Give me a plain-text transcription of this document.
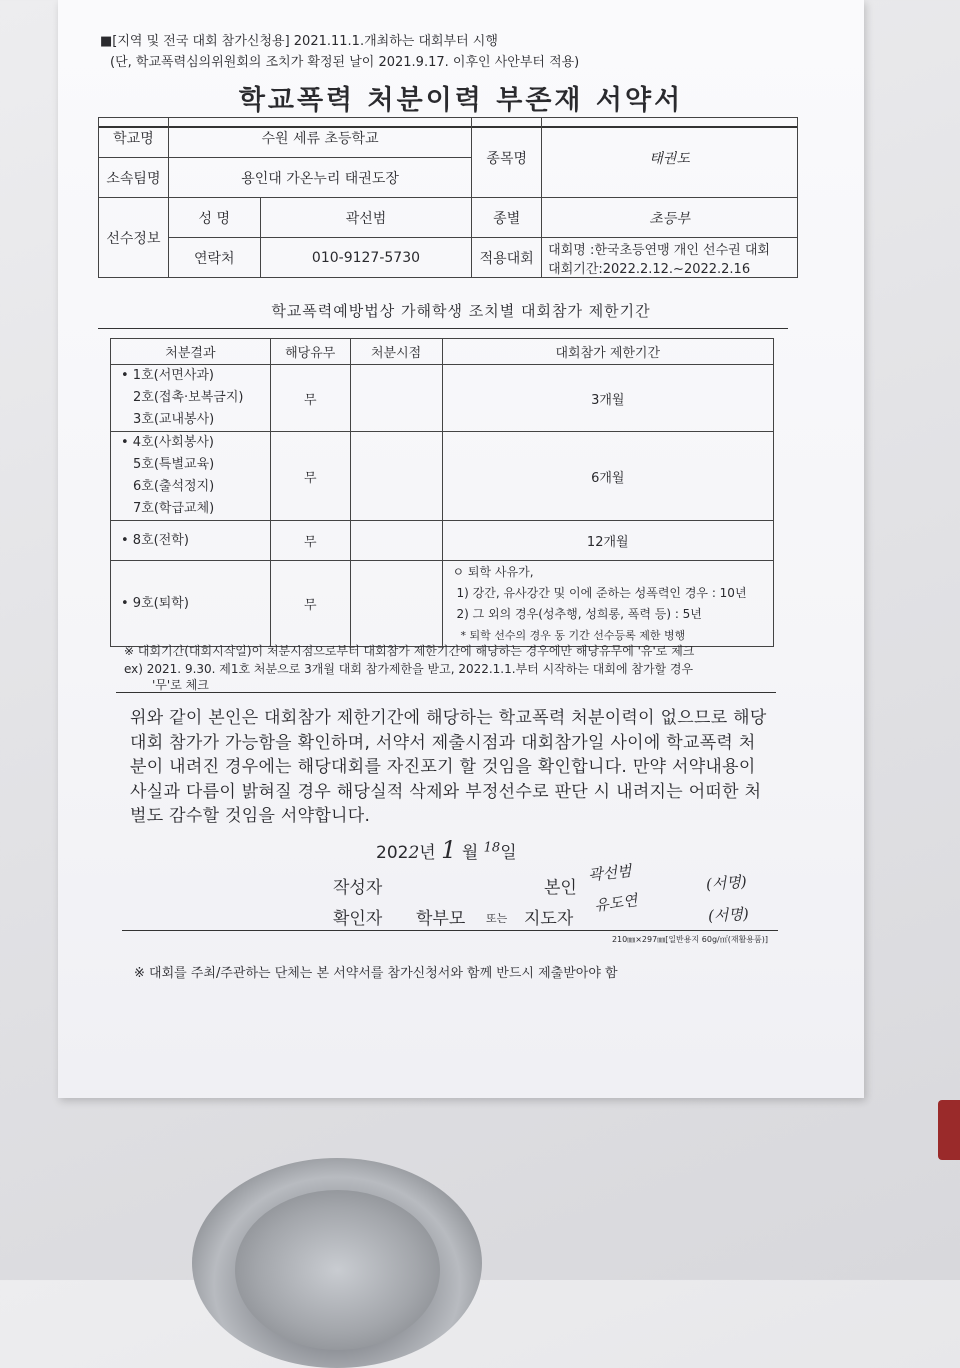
■[지역 및 전국 대회 참가신청용] 2021.11.1.개최하는 대회부터 시행
(단, 학교폭력심의위원회의 조치가 확정된 날이 2021.9.17. 이후인 사안부터 적용)
학교폭력 처분이력 부존재 서약서
학교명	수원 세류 초등학교		종목명	태권도
소속팀명	용인대 가온누리 태권도장			
선수정보	성 명	곽선범	종별	초등부
	연락처	010-9127-5730	적용대회	대회명 :한국초등연맹 개인 선수권 대회
대회기간:2022.2.12.~2022.2.16
학교폭력예방법상 가해학생 조치별 대회참가 제한기간
처분결과	해당유무	처분시점	대회참가 제한기간

• 1호(서면사과)
2호(접촉·보복금지)
3호(교내봉사)	무		3개월

• 4호(사회봉사)
5호(특별교육)
6호(출석정지)
7호(학급교체)	무		6개월
• 8호(전학)	무		12개월
• 9호(퇴학)	무		ㅇ 퇴학 사유가,
1) 강간, 유사강간 및 이에 준하는 성폭력인 경우 : 10년
2) 그 외의 경우(성추행, 성희롱, 폭력 등) : 5년
* 퇴학 선수의 경우 동 기간 선수등록 제한 병행
※ 대회기간(대회시작일)이 처분시점으로부터 대회참가 제한기간에 해당하는 경우에만 해당유무에 '유'로 체크
ex) 2021. 9.30. 제1호 처분으로 3개월 대회 참가제한을 받고, 2022.1.1.부터 시작하는 대회에 참가할 경우
'무'로 체크
위와 같이 본인은 대회참가 제한기간에 해당하는 학교폭력 처분이력이 없으므로 해당 대회 참가가 가능함을 확인하며, 서약서 제출시점과 대회참가일 사이에 학교폭력 처분이 내려진 경우에는 해당대회를 자진포기 할 것임을 확인합니다. 만약 서약내용이 사실과 다름이 밝혀질 경우 해당실적 삭제와 부정선수로 판단 시 내려지는 어떠한 처벌도 감수할 것임을 서약합니다.
2022년 1 월 $^{18}$일
작성자	본인
곽선범	(서명)
확인자 학부모 또는 지도자
유도연
(서명)
210㎜×297㎜[일반용지 60g/㎡(재활용품)]
※ 대회를 주최/주관하는 단체는 본 서약서를 참가신청서와 함께 반드시 제출받아야 함
